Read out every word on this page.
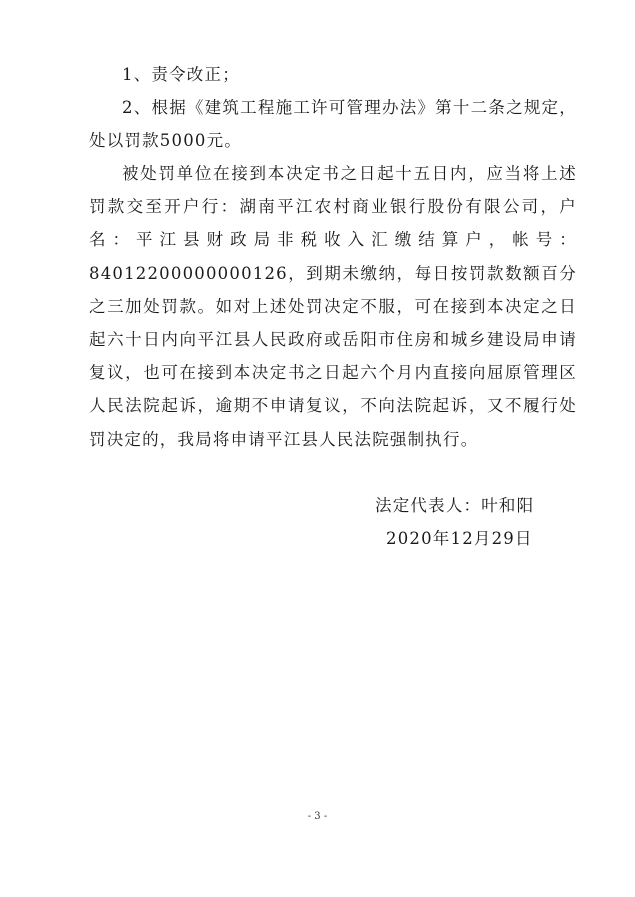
1、责令改正；

2、根据《建筑工程施工许可管理办法》第十二条之规定，处以罚款5000元。

被处罚单位在接到本决定书之日起十五日内，应当将上述罚款交至开户行：湖南平江农村商业银行股份有限公司，户名：平江县财政局非税收入汇缴结算户，帐号：84012200000000126，到期未缴纳，每日按罚款数额百分之三加处罚款。如对上述处罚决定不服，可在接到本决定之日起六十日内向平江县人民政府或岳阳市住房和城乡建设局申请复议，也可在接到本决定书之日起六个月内直接向屈原管理区人民法院起诉，逾期不申请复议，不向法院起诉，又不履行处罚决定的，我局将申请平江县人民法院强制执行。

法定代表人：叶和阳

2020年12月29日

- 3 -
